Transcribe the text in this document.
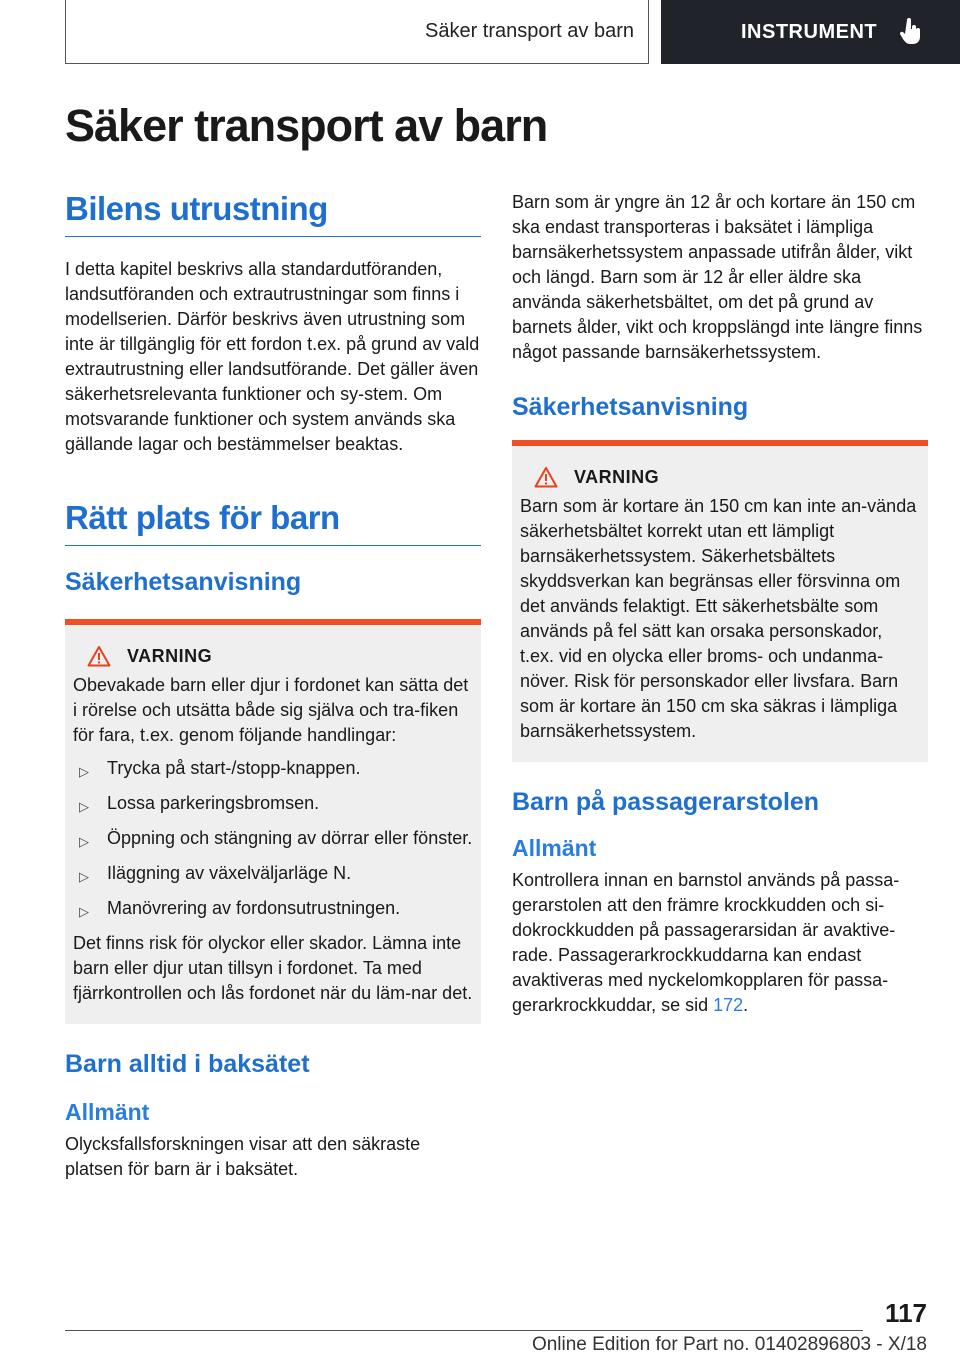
Säker transport av barn	INSTRUMENT
Säker transport av barn
Bilens utrustning

I detta kapitel beskrivs alla standardutföranden, landsutföranden och extrautrustningar som finns i modellserien. Därför beskrivs även utrustning som inte är tillgänglig för ett fordon t.ex. på grund av vald extrautrustning eller landsutförande. Det gäller även säkerhetsrelevanta funktioner och sy-stem. Om motsvarande funktioner och system används ska gällande lagar och bestämmelser beaktas.

Rätt plats för barn
Säkerhetsanvisning
VARNING

Obevakade barn eller djur i fordonet kan sätta det i rörelse och utsätta både sig själva och tra-fiken för fara, t.ex. genom följande handlingar:

▷	Trycka på start-/stopp-knappen.
▷	Lossa parkeringsbromsen.
▷	Öppning och stängning av dörrar eller fönster.
▷	Iläggning av växelväljarläge N.
▷	Manövrering av fordonsutrustningen.

Det finns risk för olyckor eller skador. Lämna inte barn eller djur utan tillsyn i fordonet. Ta med fjärrkontrollen och lås fordonet när du läm-nar det.

Barn alltid i baksätet
Allmänt

Olycksfallsforskningen visar att den säkraste platsen för barn är i baksätet.

Barn som är yngre än 12 år och kortare än 150 cm ska endast transporteras i baksätet i lämpliga barnsäkerhetssystem anpassade utifrån ålder, vikt och längd. Barn som är 12 år eller äldre ska använda säkerhetsbältet, om det på grund av barnets ålder, vikt och kroppslängd inte längre finns något passande barnsäkerhetssystem.

Säkerhetsanvisning
VARNING

Barn som är kortare än 150 cm kan inte an-vända säkerhetsbältet korrekt utan ett lämpligt barnsäkerhetssystem. Säkerhetsbältets skyddsverkan kan begränsas eller försvinna om det används felaktigt. Ett säkerhetsbälte som används på fel sätt kan orsaka personskador, t.ex. vid en olycka eller broms- och undanma-növer. Risk för personskador eller livsfara. Barn som är kortare än 150 cm ska säkras i lämpliga barnsäkerhetssystem.

Barn på passagerarstolen
Allmänt

Kontrollera innan en barnstol används på passa-gerarstolen att den främre krockkudden och si-dokrockkudden på passagerarsidan är avaktive-rade. Passagerarkrockkuddarna kan endast avaktiveras med nyckelomkopplaren för passa-gerarkrockkuddar, se sid 172.

117
Online Edition for Part no. 01402896803 - X/18
